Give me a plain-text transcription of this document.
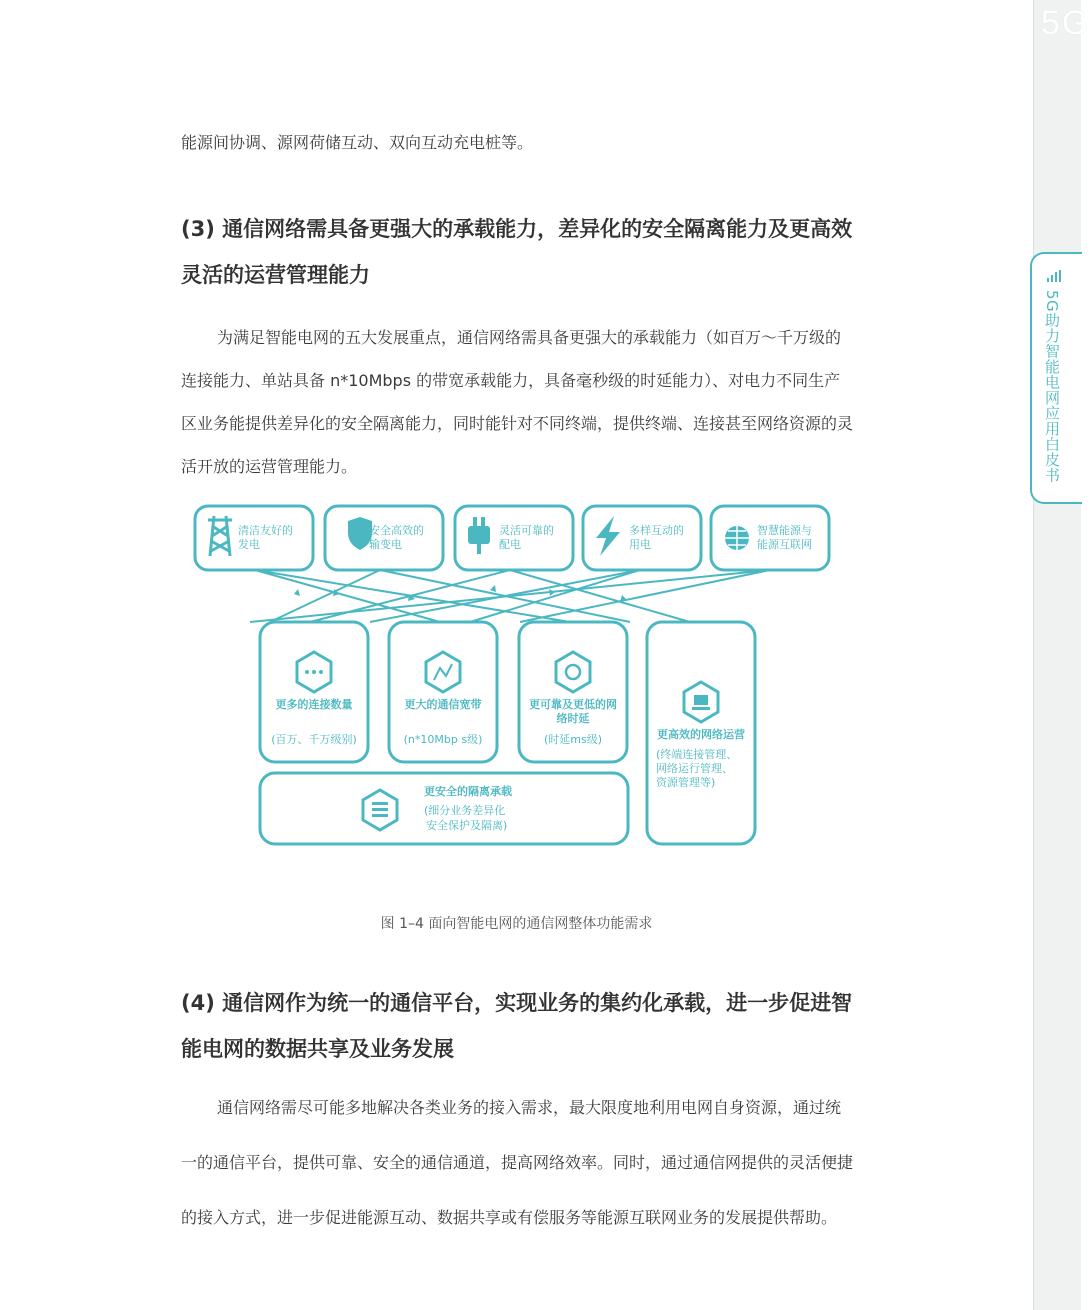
5G
5G助力智能电网应用白皮书

能源间协调、源网荷储互动、双向互动充电桩等。

(3) 通信网络需具备更强大的承载能力，差异化的安全隔离能力及更高效灵活的运营管理能力

为满足智能电网的五大发展重点，通信网络需具备更强大的承载能力（如百万～千万级的连接能力、单站具备 n*10Mbps 的带宽承载能力，具备毫秒级的时延能力）、对电力不同生产区业务能提供差异化的安全隔离能力，同时能针对不同终端，提供终端、连接甚至网络资源的灵活开放的运营管理能力。

清洁友好的
发电
安全高效的
输变电
灵活可靠的
配电
多样互动的
用电
智慧能源与
能源互联网
更多的连接数量
(百万、千万级别)
更大的通信宽带
(n*10Mbp s级)
更可靠及更低的网
络时延
(时延ms级)	更高效的网络运营
(终端连接管理、
网络运行管理、
资源管理等)
更安全的隔离承载
(细分业务差异化
安全保护及隔离)
图 1–4 面向智能电网的通信网整体功能需求
(4) 通信网作为统一的通信平台，实现业务的集约化承载，进一步促进智能电网的数据共享及业务发展

通信网络需尽可能多地解决各类业务的接入需求，最大限度地利用电网自身资源，通过统一的通信平台，提供可靠、安全的通信通道，提高网络效率。同时，通过通信网提供的灵活便捷的接入方式，进一步促进能源互动、数据共享或有偿服务等能源互联网业务的发展提供帮助。
